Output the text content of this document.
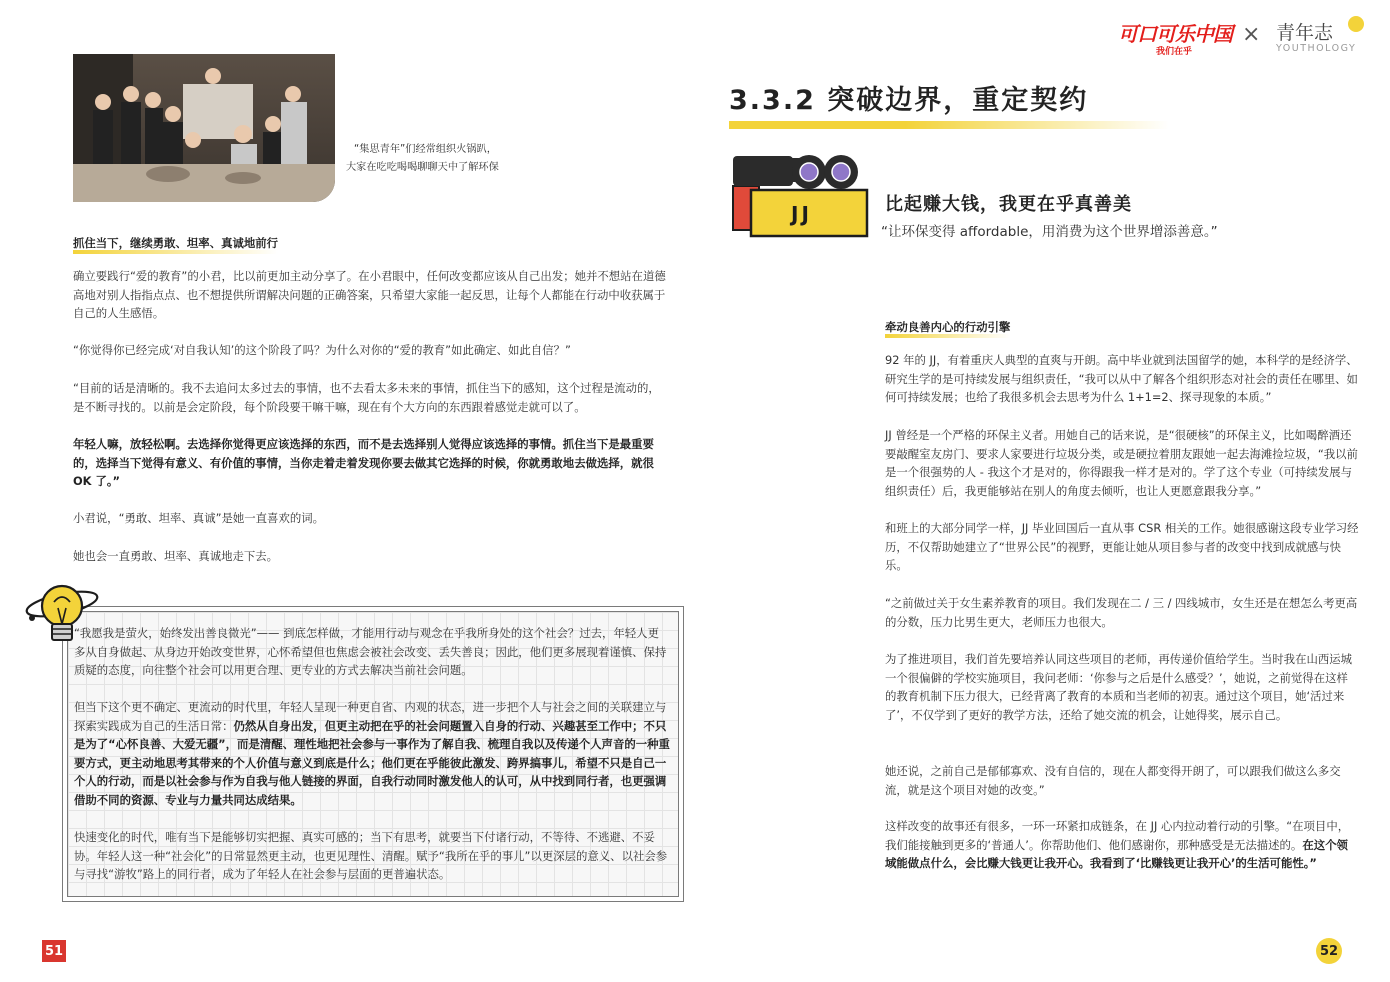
可口可乐中国
我们在乎
× 青年志
YOUTHOLOGY
“集思青年”们经常组织火锅趴，
大家在吃吃喝喝聊聊天中了解环保
抓住当下，继续勇敢、坦率、真诚地前行

确立要践行“爱的教育”的小君，比以前更加主动分享了。在小君眼中，任何改变都应该从自己出发；她并不想站在道德高地对别人指指点点、也不想提供所谓解决问题的正确答案，只希望大家能一起反思，让每个人都能在行动中收获属于自己的人生感悟。

“你觉得你已经完成‘对自我认知’的这个阶段了吗？为什么对你的“爱的教育”如此确定、如此自信？”

“目前的话是清晰的。我不去追问太多过去的事情，也不去看太多未来的事情，抓住当下的感知，这个过程是流动的，是不断寻找的。以前是会定阶段，每个阶段要干嘛干嘛，现在有个大方向的东西跟着感觉走就可以了。

年轻人嘛，放轻松啊。去选择你觉得更应该选择的东西，而不是去选择别人觉得应该选择的事情。抓住当下是最重要的，选择当下觉得有意义、有价值的事情，当你走着走着发现你要去做其它选择的时候，你就勇敢地去做选择，就很 OK 了。”

小君说，“勇敢、坦率、真诚”是她一直喜欢的词。

她也会一直勇敢、坦率、真诚地走下去。

“我愿我是萤火，始终发出善良微光”—— 到底怎样做，才能用行动与观念在乎我所身处的这个社会？过去，年轻人更多从自身做起、从身边开始改变世界，心怀希望但也焦虑会被社会改变、丢失善良；因此，他们更多展现着谨慎、保持质疑的态度，向往整个社会可以用更合理、更专业的方式去解决当前社会问题。

但当下这个更不确定、更流动的时代里，年轻人呈现一种更自省、内观的状态，进一步把个人与社会之间的关联建立与探索实践成为自己的生活日常：仍然从自身出发，但更主动把在乎的社会问题置入自身的行动、兴趣甚至工作中；不只是为了“心怀良善、大爱无疆”，而是清醒、理性地把社会参与一事作为了解自我、梳理自我以及传递个人声音的一种重要方式，更主动地思考其带来的个人价值与意义到底是什么；他们更在乎能彼此激发、跨界搞事儿，希望不只是自己一个人的行动，而是以社会参与作为自我与他人链接的界面，自我行动同时激发他人的认可，从中找到同行者，也更强调借助不同的资源、专业与力量共同达成结果。

快速变化的时代，唯有当下是能够切实把握、真实可感的；当下有思考，就要当下付诸行动，不等待、不逃避、不妥协。年轻人这一种“社会化”的日常显然更主动，也更见理性、清醒。赋予“我所在乎的事儿”以更深层的意义、以社会参与寻找“游牧”路上的同行者，成为了年轻人在社会参与层面的更普遍状态。

51
3.3.2 突破边界，重定契约
JJ	比起赚大钱，我更在乎真善美
“让环保变得 affordable，用消费为这个世界增添善意。”
牵动良善内心的行动引擎

92 年的 JJ，有着重庆人典型的直爽与开朗。高中毕业就到法国留学的她，本科学的是经济学、研究生学的是可持续发展与组织责任，“我可以从中了解各个组织形态对社会的责任在哪里、如何可持续发展；也给了我很多机会去思考为什么 1+1=2、探寻现象的本质。”

JJ 曾经是一个严格的环保主义者。用她自己的话来说，是“很硬核”的环保主义，比如喝醉酒还要敲醒室友房门、要求人家要进行垃圾分类，或是硬拉着朋友跟她一起去海滩捡垃圾，“我以前是一个很强势的人 - 我这个才是对的，你得跟我一样才是对的。学了这个专业（可持续发展与组织责任）后，我更能够站在别人的角度去倾听，也让人更愿意跟我分享。”

和班上的大部分同学一样，JJ 毕业回国后一直从事 CSR 相关的工作。她很感谢这段专业学习经历，不仅帮助她建立了“世界公民”的视野，更能让她从项目参与者的改变中找到成就感与快乐。

“之前做过关于女生素养教育的项目。我们发现在二 / 三 / 四线城市，女生还是在想怎么考更高的分数，压力比男生更大，老师压力也很大。

为了推进项目，我们首先要培养认同这些项目的老师，再传递价值给学生。当时我在山西运城一个很偏僻的学校实施项目，我问老师：‘你参与之后是什么感受？’，她说，之前觉得在这样的教育机制下压力很大，已经背离了教育的本质和当老师的初衷。通过这个项目，她‘活过来了’，不仅学到了更好的教学方法，还给了她交流的机会，让她得奖，展示自己。

她还说，之前自己是郁郁寡欢、没有自信的，现在人都变得开朗了，可以跟我们做这么多交流，就是这个项目对她的改变。”

这样改变的故事还有很多，一环一环紧扣成链条，在 JJ 心内拉动着行动的引擎。“在项目中，我们能接触到更多的‘普通人’。你帮助他们、他们感谢你，那种感受是无法描述的。在这个领域能做点什么，会比赚大钱更让我开心。我看到了‘比赚钱更让我开心’的生活可能性。”

52
